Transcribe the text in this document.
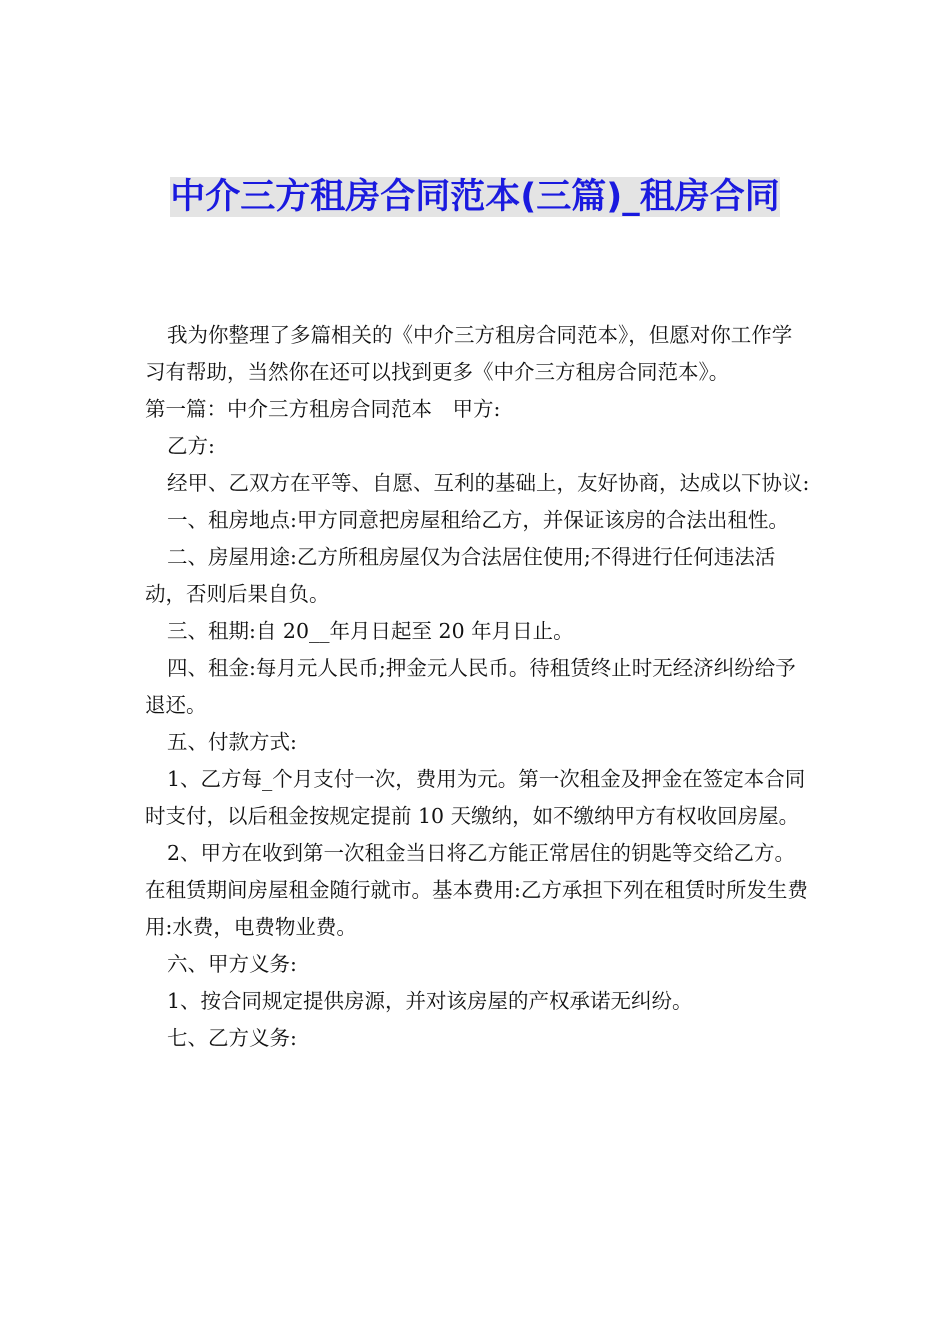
中介三方租房合同范本(三篇)_租房合同

我为你整理了多篇相关的《中介三方租房合同范本》，但愿对你工作学习有帮助，当然你在还可以找到更多《中介三方租房合同范本》。

第一篇：中介三方租房合同范本　甲方:

乙方:

经甲、乙双方在平等、自愿、互利的基础上，友好协商，达成以下协议:

一、租房地点:甲方同意把房屋租给乙方，并保证该房的合法出租性。

二、房屋用途:乙方所租房屋仅为合法居住使用;不得进行任何违法活动，否则后果自负。

三、租期:自 20__年月日起至 20 年月日止。

四、租金:每月元人民币;押金元人民币。待租赁终止时无经济纠纷给予退还。

五、付款方式:

1、乙方每_个月支付一次，费用为元。第一次租金及押金在签定本合同时支付，以后租金按规定提前 10 天缴纳，如不缴纳甲方有权收回房屋。

2、甲方在收到第一次租金当日将乙方能正常居住的钥匙等交给乙方。在租赁期间房屋租金随行就市。基本费用:乙方承担下列在租赁时所发生费用:水费，电费物业费。

六、甲方义务:

1、按合同规定提供房源，并对该房屋的产权承诺无纠纷。

七、乙方义务:
